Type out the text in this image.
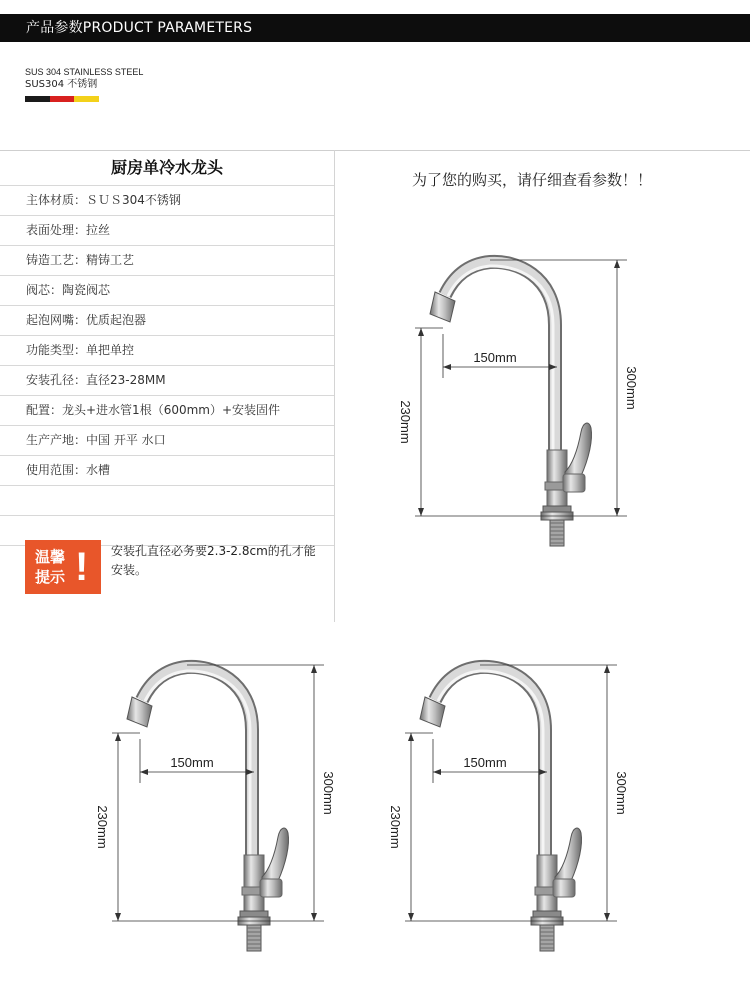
产品参数PRODUCT PARAMETERS
SUS 304 STAINLESS STEEL
SUS304 不锈钢
厨房单冷水龙头
主体材质：ＳＵＳ304不锈钢
表面处理：拉丝
铸造工艺：精铸工艺
阀芯：陶瓷阀芯
起泡网嘴：优质起泡器
功能类型：单把单控
安装孔径：直径23-28MM
配置：龙头+进水管1根（600mm）+安装固件
生产产地：中国 开平 水口
使用范围：水槽
温馨提示 !	安装孔直径必务要2.3-2.8cm的孔才能安装。
为了您的购买，请仔细查看参数！！
150mm
300mm
230mm
150mm
300mm
230mm
150mm
300mm
230mm
